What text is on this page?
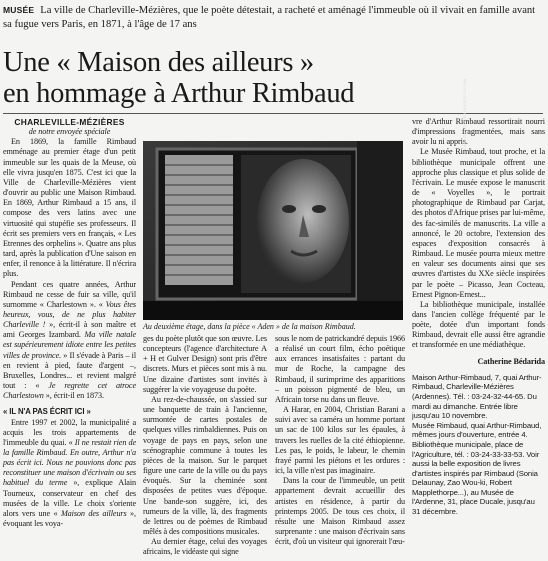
MUSÉE La ville de Charleville-Mézières, que le poète détestait, a racheté et aménagé l'immeuble où il vivait en famille avant sa fugue vers Paris, en 1871, à l'âge de 17 ans
Une « Maison des ailleurs »
en hommage à Arthur Rimbaud

CHARLEVILLE-MÉZIÈRES

de notre envoyée spéciale

En 1869, la famille Rimbaud emménage au premier étage d'un petit immeuble sur les quais de la Meuse, où elle vivra jusqu'en 1875. C'est ici que la Ville de Charleville-Mézières vient d'ouvrir au public une Maison Rimbaud. En 1869, Arthur Rimbaud a 15 ans, il compose des vers latins avec une virtuosité qui stupéfie ses professeurs. Il écrit ses premiers vers en français, « Les Etrennes des orphelins ». Quatre ans plus tard, après la publication d'Une saison en enfer, il renonce à la littérature. Il n'écrira plus.

Pendant ces quatre années, Arthur Rimbaud ne cesse de fuir sa ville, qu'il surnomme « Charlestown ». « Vous êtes heureux, vous, de ne plus habiter Charleville ! », écrit-il à son maître et ami Georges Izambard. Ma ville natale est supérieurement idiote entre les petites villes de province. » Il s'évade à Paris – il en revient à pied, faute d'argent –, Bruxelles, Londres... et revient malgré tout : « Je regrette cet atroce Charlestown », écrit-il en 1873.

« IL N'A PAS ÉCRIT ICI »

Entre 1997 et 2002, la municipalité a acquis les trois appartements de l'immeuble du quai. « Il ne restait rien de la famille Rimbaud. En outre, Arthur n'a pas écrit ici. Nous ne pouvions donc pas reconstituer une maison d'écrivain ou ses habituel du terme », explique Alain Tourneux, conservateur en chef des musées de la ville. Le choix s'oriente alors vers une « Maison des ailleurs », évoquant les voya-

Au deuxième étage, dans la pièce « Aden » de la maison Rimbaud.

ges du poète plutôt que son œuvre. Les concepteurs (l'agence d'architecture A + H et Gulver Design) sont pris d'être discrets. Murs et pièces sont mis à nu. Une dizaine d'artistes sont invités à suggérer la vie voyageuse du poète.

Au rez-de-chaussée, on s'assied sur une banquette de train à l'ancienne, surmontée de cartes postales de quelques villes rimbaldiennes. Puis on voyage de pays en pays, selon une scénographie commune à toutes les pièces de la maison. Sur le parquet figure une carte de la ville ou du pays évoqués. Sur la cheminée sont disposées de petites vues d'époque. Une bande-son suggère, ici, des rumeurs de la ville, là, des fragments de lettres ou de poèmes de Rimbaud mêlés à des compositions musicales.

Au dernier étage, celui des voyages africains, le vidéaste qui signe

sous le nom de patrickandré depuis 1966 a réalisé un court film, écho poétique aux errances insatisfaites : partant du mur de Roche, la campagne des Rimbaud, il surimprime des apparitions – un poisson pigmenté de bleu, un Africain torse nu dans un fleuve.

A Harar, en 2004, Christian Barani a suivi avec sa caméra un homme portant un sac de 100 kilos sur les épaules, à travers les ruelles de la cité éthiopienne. Les pas, le poids, le labeur, le chemin frayé parmi les piétons et les ordures : ici, la ville n'est pas imaginaire.

Dans la cour de l'immeuble, un petit appartement devrait accueillir des artistes en résidence, à partir du printemps 2005. De tous ces choix, il résulte une Maison Rimbaud assez surprenante : une maison d'écrivain sans écrit, d'où un visiteur qui ignorerait l'œu-

vre d'Arthur Rimbaud ressortirait nourri d'impressions fragmentées, mais sans avoir lu ni appris.

Le Musée Rimbaud, tout proche, et la bibliothèque municipale offrent une approche plus classique et plus solide de l'écrivain. Le musée expose le manuscrit de « Voyelles », le portrait photographique de Rimbaud par Carjat, des photos d'Afrique prises par lui-même, des fac-similés de manuscrits. La ville a annoncé, le 20 octobre, l'extension des espaces d'exposition consacrés à Rimbaud. Le musée pourra mieux mettre en valeur ses documents ainsi que ses œuvres d'artistes du XXe siècle inspirées par le poète – Picasso, Jean Cocteau, Ernest Pignon-Ernest...

La bibliothèque municipale, installée dans l'ancien collège fréquenté par le poète, dotée d'un important fonds Rimbaud, devrait elle aussi être agrandie et transformée en une médiathèque.

Catherine Bédarida

Maison Arthur-Rimbaud, 7, quai Arthur-Rimbaud, Charleville-Mézières (Ardennes). Tél. : 03-24-32-44-65. Du mardi au dimanche. Entrée libre jusqu'au 10 novembre.

Musée Rimbaud, quai Arthur-Rimbaud, mêmes jours d'ouverture, entrée 4.

Bibliothèque municipale, place de l'Agriculture, tél. : 03-24-33-33-53. Voir aussi la belle exposition de livres d'artistes inspirés par Rimbaud (Sonia Delaunay, Zao Wou-ki, Robert Mapplethorpe...), au Musée de l'Ardenne, 31, place Ducale, jusqu'au 31 décembre.

PHOTO DESCARTES/DOCS FOURNIS
